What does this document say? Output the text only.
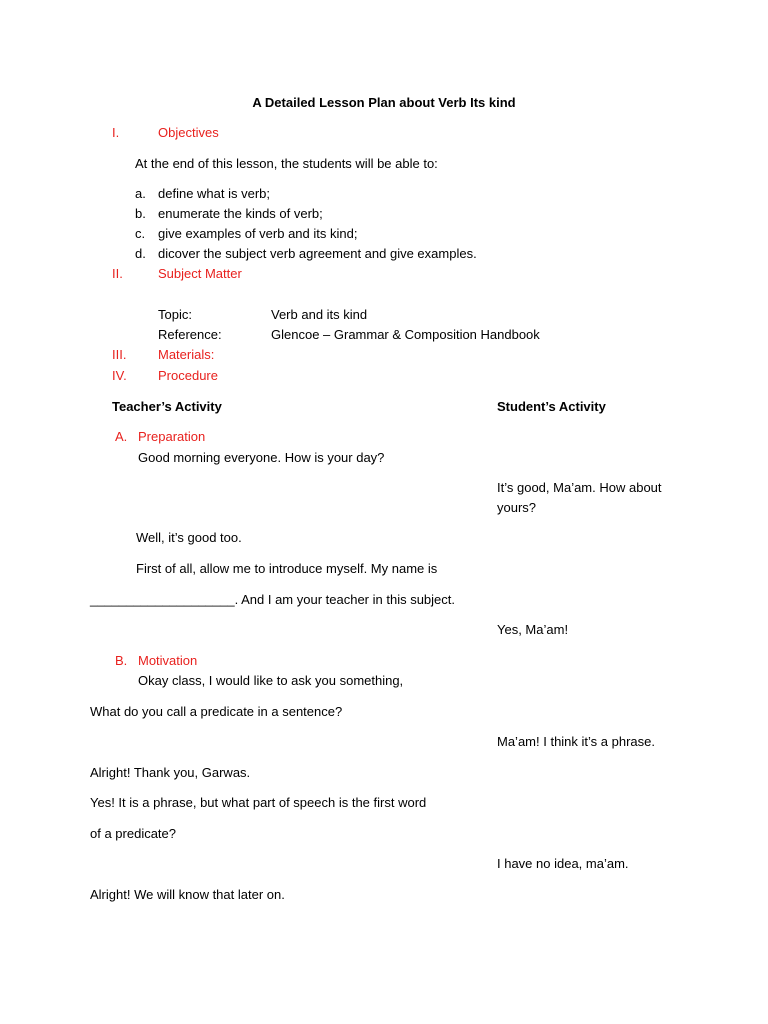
A Detailed Lesson Plan about Verb Its kind
I.	Objectives
At the end of this lesson, the students will be able to:
a. define what is verb;
b. enumerate the kinds of verb;
c. give examples of verb and its kind;
d. dicover the subject verb agreement and give examples.
II.	Subject Matter
Topic:	Verb and its kind
Reference:	Glencoe – Grammar & Composition Handbook
III. Materials:
IV. Procedure
Teacher’s Activity	Student’s Activity
A. Preparation
Good morning everyone. How is your day?
It’s good, Ma’am. How about
yours?
Well, it’s good too.
First of all, allow me to introduce myself. My name is
____________________. And I am your teacher in this subject.
Yes, Ma’am!
B. Motivation
Okay class, I would like to ask you something,
What do you call a predicate in a sentence?
Ma’am! I think it’s a phrase.
Alright! Thank you, Garwas.
Yes! It is a phrase, but what part of speech is the first word
of a predicate?
I have no idea, ma’am.
Alright! We will know that later on.
